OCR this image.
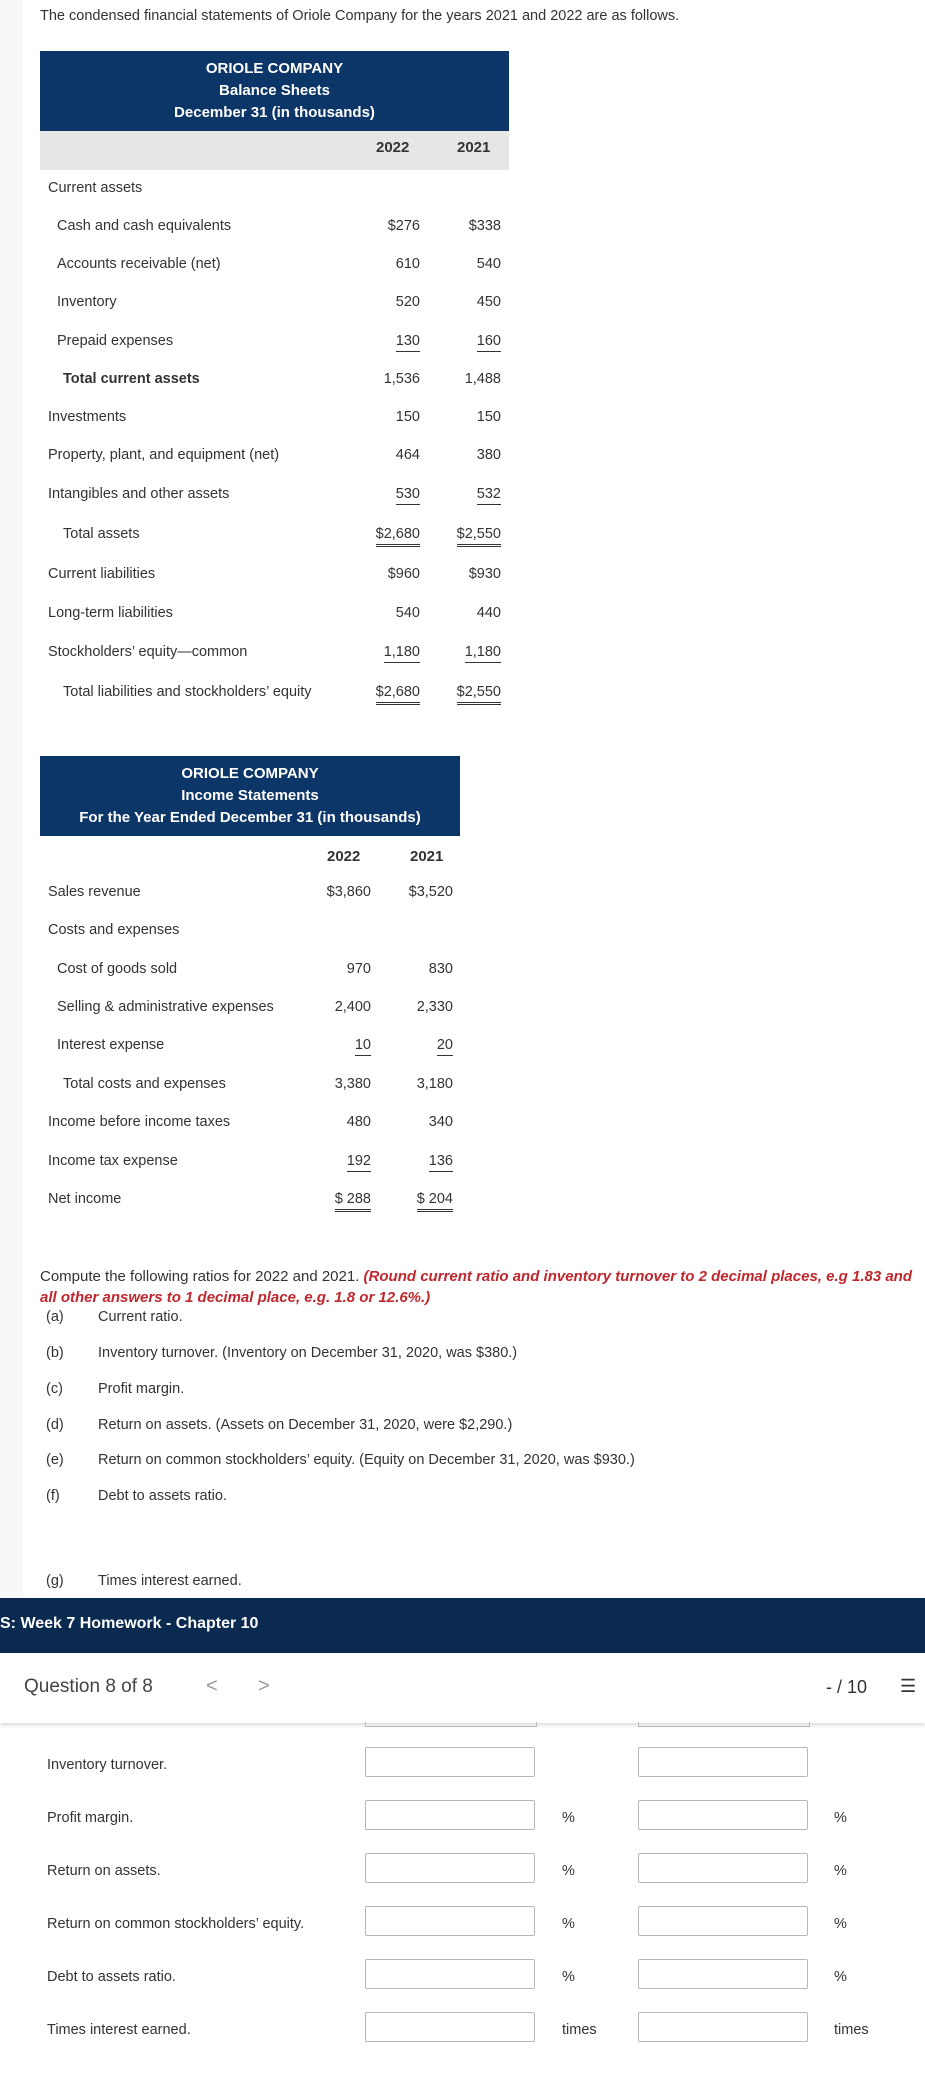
The condensed financial statements of Oriole Company for the years 2021 and 2022 are as follows.
ORIOLE COMPANY
Balance Sheets
December 31 (in thousands)
2022	2021
Current assets
Cash and cash equivalents	$276	$338
Accounts receivable (net)	610	540
Inventory	520	450
Prepaid expenses	130	160
Total current assets	1,536	1,488
Investments	150	150
Property, plant, and equipment (net)	464	380
Intangibles and other assets	530	532
Total assets	$2,680	$2,550
Current liabilities	$960	$930
Long-term liabilities	540	440
Stockholders’ equity—common	1,180	1,180
Total liabilities and stockholders’ equity	$2,680	$2,550
ORIOLE COMPANY
Income Statements
For the Year Ended December 31 (in thousands)
2022	2021
Sales revenue	$3,860	$3,520
Costs and expenses
Cost of goods sold	970	830
Selling & administrative expenses	2,400	2,330
Interest expense	10	20
Total costs and expenses	3,380	3,180
Income before income taxes	480	340
Income tax expense	192	136
Net income	$ 288	$ 204
Compute the following ratios for 2022 and 2021. (Round current ratio and inventory turnover to 2 decimal places, e.g 1.83 and all other answers to 1 decimal place, e.g. 1.8 or 12.6%.)
(a) Current ratio.
(b) Inventory turnover. (Inventory on December 31, 2020, was $380.)
(c) Profit margin.
(d) Return on assets. (Assets on December 31, 2020, were $2,290.)
(e) Return on common stockholders’ equity. (Equity on December 31, 2020, was $930.)
(f)	Debt to assets ratio.
(g) Times interest earned.
S: Week 7 Homework - Chapter 10
Question 8 of 8	< >	- / 10 ☰
Inventory turnover.
Profit margin.	%	%
Return on assets.	%	%
Return on common stockholders’ equity.	%	%
Debt to assets ratio.	%	%
Times interest earned.	times	times
